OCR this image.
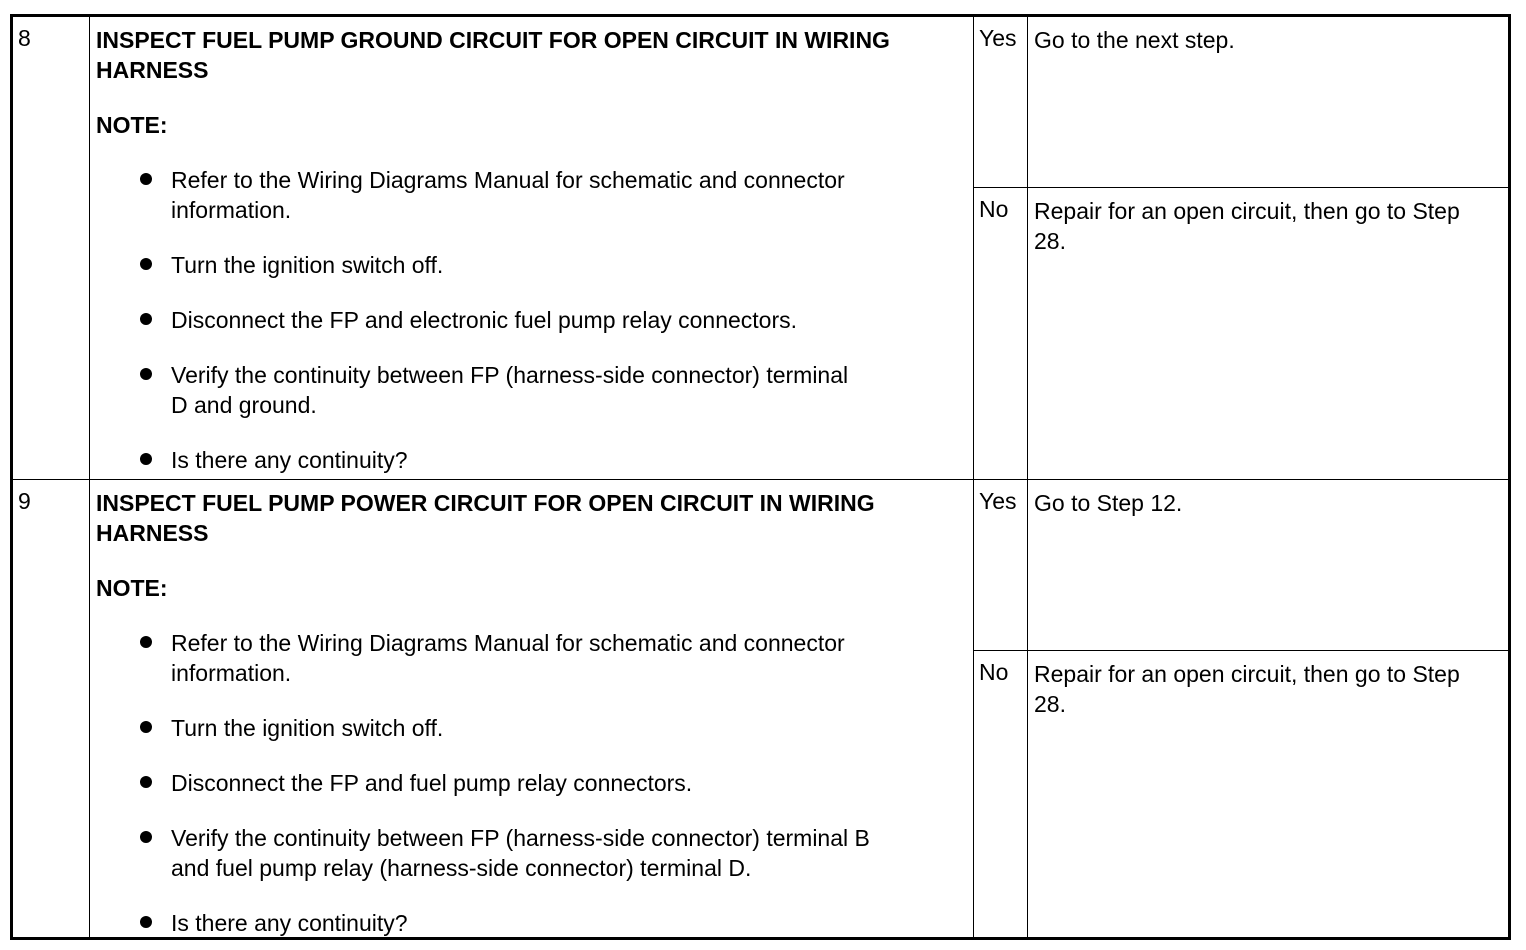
8	INSPECT FUEL PUMP GROUND CIRCUIT FOR OPEN CIRCUIT IN WIRING HARNESS

NOTE:

Refer to the Wiring Diagrams Manual for schematic and connector information.
Turn the ignition switch off.
Disconnect the FP and electronic fuel pump relay connectors.
Verify the continuity between FP (harness-side connector) terminal D and ground.
Is there any continuity?
Yes Go to the next step.
No	Repair for an open circuit, then go to Step 28.
9	INSPECT FUEL PUMP POWER CIRCUIT FOR OPEN CIRCUIT IN WIRING HARNESS

NOTE:

Refer to the Wiring Diagrams Manual for schematic and connector information.
Turn the ignition switch off.
Disconnect the FP and fuel pump relay connectors.
Verify the continuity between FP (harness-side connector) terminal B and fuel pump relay (harness-side connector) terminal D.
Is there any continuity?
Yes Go to Step 12.
No	Repair for an open circuit, then go to Step 28.
